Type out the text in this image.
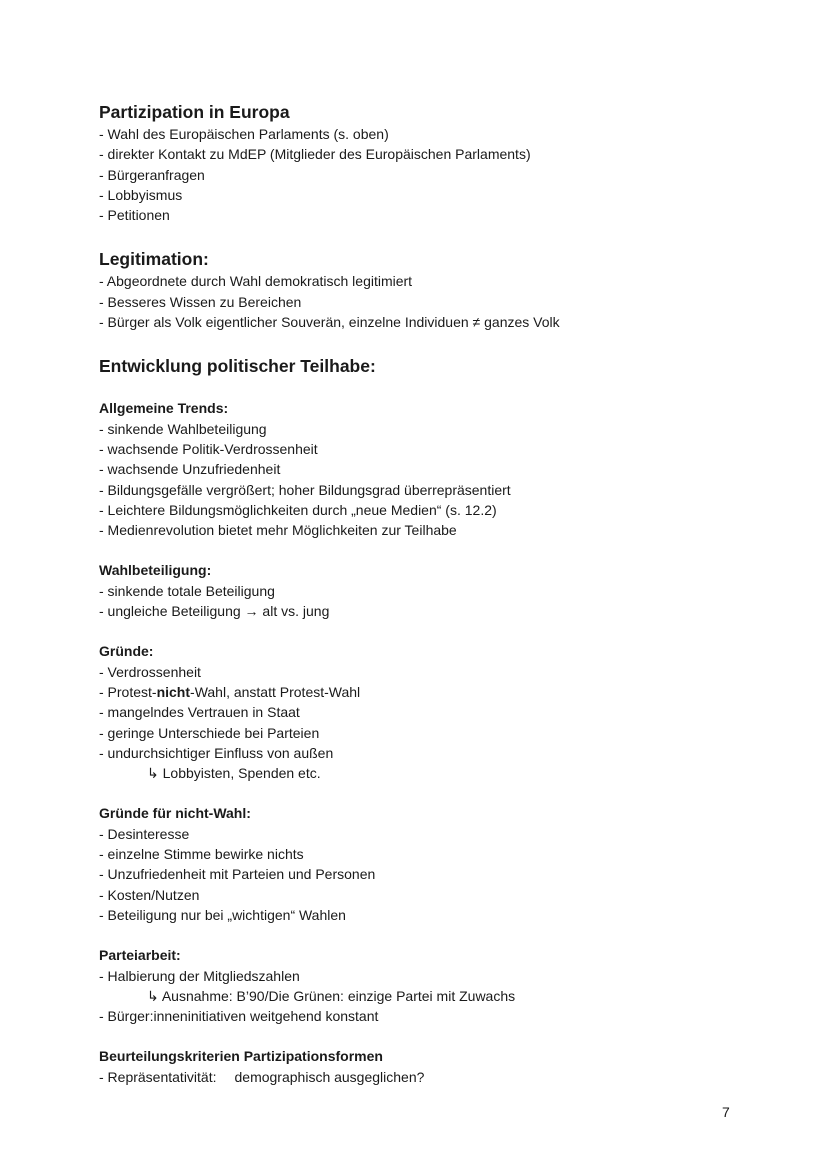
Partizipation in Europa
- Wahl des Europäischen Parlaments (s. oben)
- direkter Kontakt zu MdEP (Mitglieder des Europäischen Parlaments)
- Bürgeranfragen
- Lobbyismus
- Petitionen
Legitimation:
- Abgeordnete durch Wahl demokratisch legitimiert
- Besseres Wissen zu Bereichen
- Bürger als Volk eigentlicher Souverän, einzelne Individuen ≠ ganzes Volk
Entwicklung politischer Teilhabe:
Allgemeine Trends:
- sinkende Wahlbeteiligung
- wachsende Politik-Verdrossenheit
- wachsende Unzufriedenheit
- Bildungsgefälle vergrößert; hoher Bildungsgrad überrepräsentiert
- Leichtere Bildungsmöglichkeiten durch „neue Medien“ (s. 12.2)
- Medienrevolution bietet mehr Möglichkeiten zur Teilhabe
Wahlbeteiligung:
- sinkende totale Beteiligung
- ungleiche Beteiligung → alt vs. jung
Gründe:
- Verdrossenheit
- Protest-nicht-Wahl, anstatt Protest-Wahl
- mangelndes Vertrauen in Staat
- geringe Unterschiede bei Parteien
- undurchsichtiger Einfluss von außen
↳ Lobbyisten, Spenden etc.
Gründe für nicht-Wahl:
- Desinteresse
- einzelne Stimme bewirke nichts
- Unzufriedenheit mit Parteien und Personen
- Kosten/Nutzen
- Beteiligung nur bei „wichtigen“ Wahlen
Parteiarbeit:
- Halbierung der Mitgliedszahlen
↳ Ausnahme: B’90/Die Grünen: einzige Partei mit Zuwachs
- Bürger:inneninitiativen weitgehend konstant
Beurteilungskriterien Partizipationsformen
- Repräsentativität: demographisch ausgeglichen?
7
